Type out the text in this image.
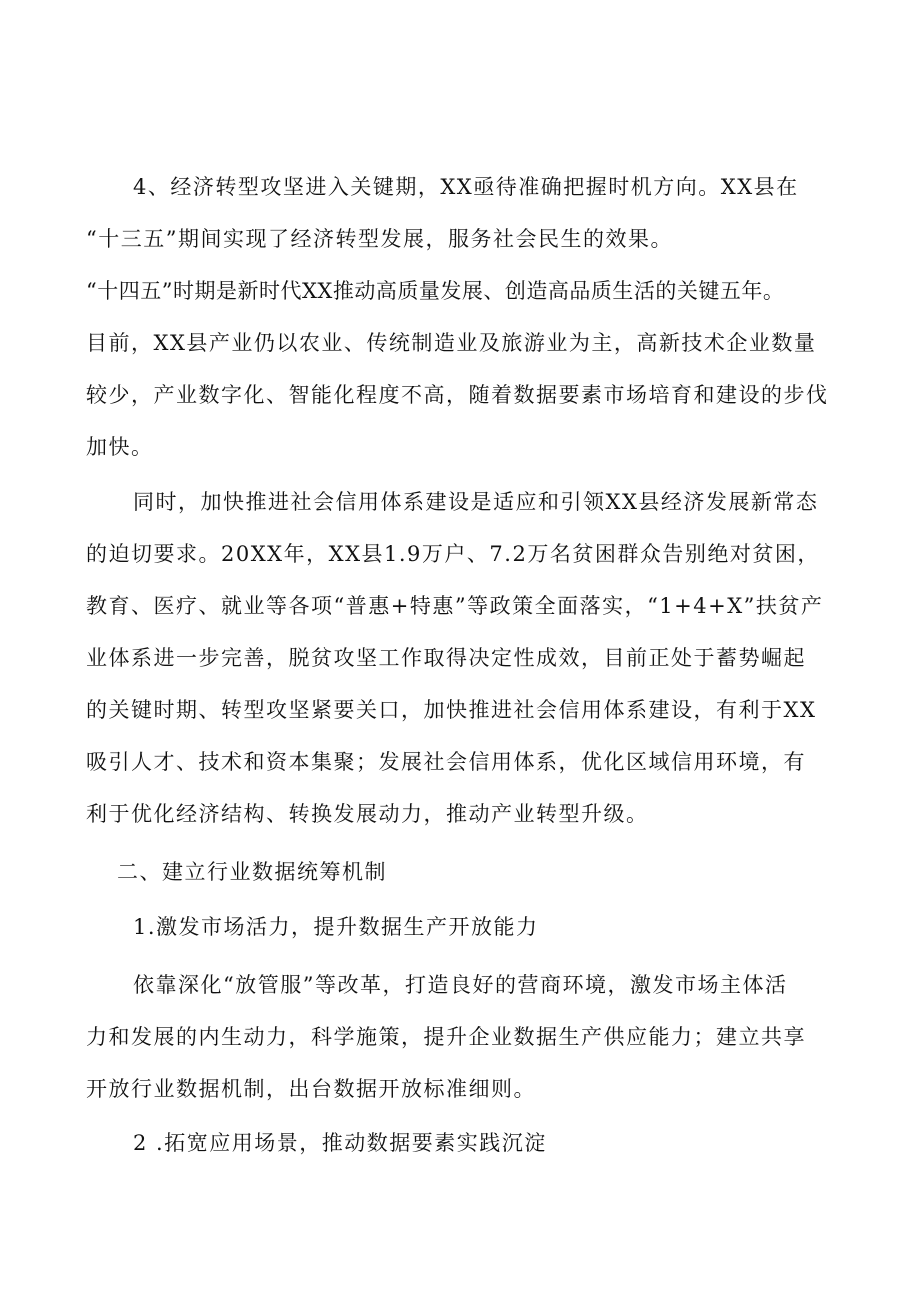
4、经济转型攻坚进入关键期，XX亟待准确把握时机方向。XX县在
“十三五”期间实现了经济转型发展，服务社会民生的效果。
“十四五”时期是新时代XX推动高质量发展、创造高品质生活的关键五年。
目前，XX县产业仍以农业、传统制造业及旅游业为主，高新技术企业数量
较少，产业数字化、智能化程度不高，随着数据要素市场培育和建设的步伐
加快。
同时，加快推进社会信用体系建设是适应和引领XX县经济发展新常态
的迫切要求。20XX年，XX县1.9万户、7.2万名贫困群众告别绝对贫困，
教育、医疗、就业等各项“普惠+特惠”等政策全面落实，“1+4+X”扶贫产
业体系进一步完善，脱贫攻坚工作取得决定性成效，目前正处于蓄势崛起
的关键时期、转型攻坚紧要关口，加快推进社会信用体系建设，有利于XX
吸引人才、技术和资本集聚；发展社会信用体系，优化区域信用环境，有
利于优化经济结构、转换发展动力，推动产业转型升级。
二、建立行业数据统筹机制
1.激发市场活力，提升数据生产开放能力
依靠深化“放管服”等改革，打造良好的营商环境，激发市场主体活
力和发展的内生动力，科学施策，提升企业数据生产供应能力；建立共享
开放行业数据机制，出台数据开放标准细则。
2 .拓宽应用场景，推动数据要素实践沉淀
